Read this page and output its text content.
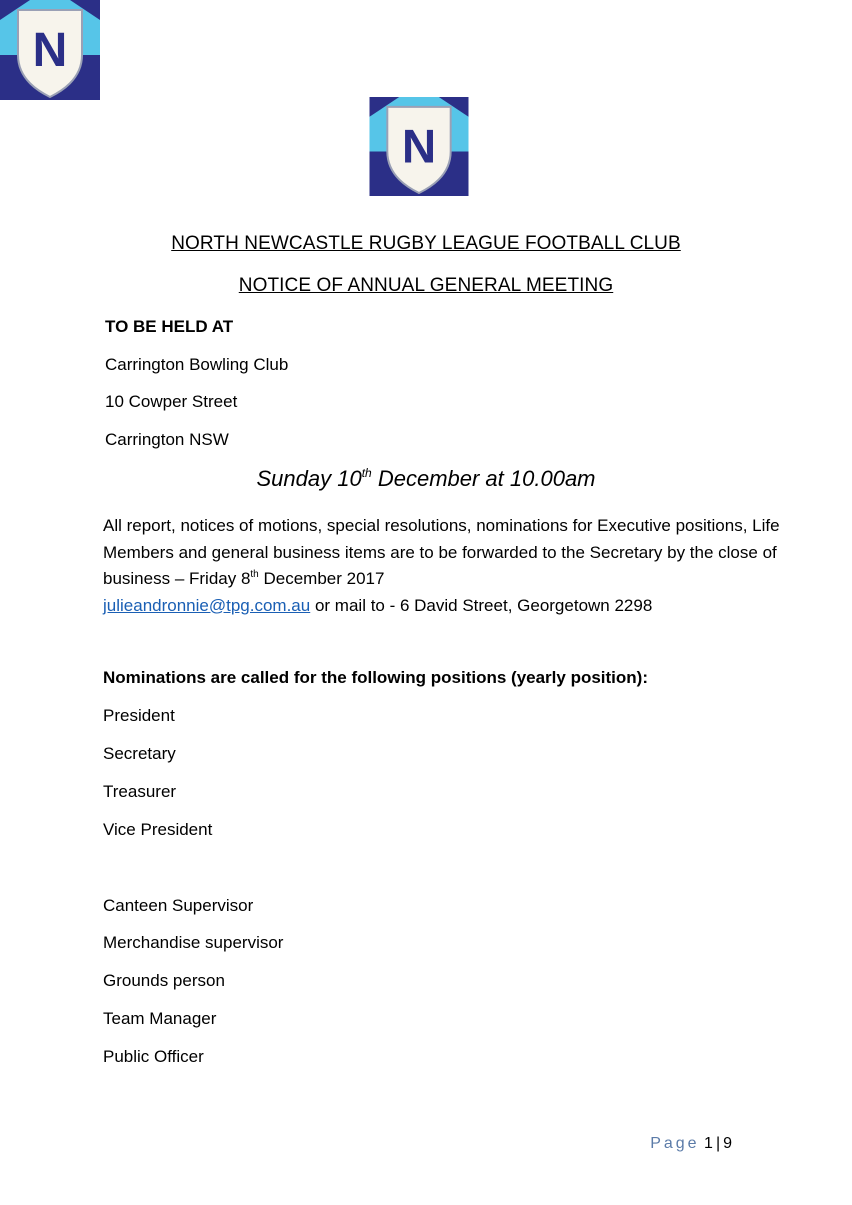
N
N
NORTH NEWCASTLE RUGBY LEAGUE FOOTBALL CLUB
NOTICE OF ANNUAL GENERAL MEETING
TO BE HELD AT
Carrington Bowling Club
10 Cowper Street
Carrington NSW
Sunday 10th December at 10.00am
All report, notices of motions, special resolutions, nominations for Executive positions, Life Members and general business items are to be forwarded to the Secretary by the close of business – Friday 8th December 2017
julieandronnie@tpg.com.au or mail to - 6 David Street, Georgetown 2298
Nominations are called for the following positions (yearly position):
President
Secretary
Treasurer
Vice President
Canteen Supervisor
Merchandise supervisor
Grounds person
Team Manager
Public Officer
Page 1 | 9
